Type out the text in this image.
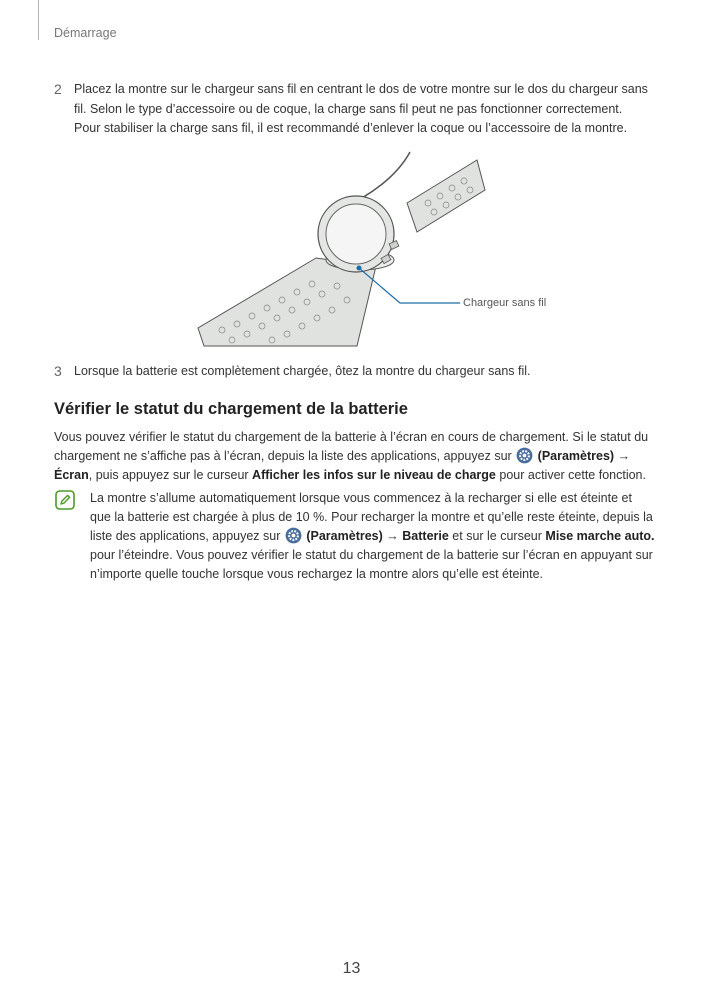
Démarrage
2 Placez la montre sur le chargeur sans fil en centrant le dos de votre montre sur le dos du chargeur sans fil. Selon le type d’accessoire ou de coque, la charge sans fil peut ne pas fonctionner correctement. Pour stabiliser la charge sans fil, il est recommandé d’enlever la coque ou l’accessoire de la montre.
Chargeur sans fil
3 Lorsque la batterie est complètement chargée, ôtez la montre du chargeur sans fil.
Vérifier le statut du chargement de la batterie
Vous pouvez vérifier le statut du chargement de la batterie à l’écran en cours de chargement. Si le statut du chargement ne s’affiche pas à l’écran, depuis la liste des applications, appuyez sur (Paramètres) → Écran, puis appuyez sur le curseur Afficher les infos sur le niveau de charge pour activer cette fonction.
La montre s’allume automatiquement lorsque vous commencez à la recharger si elle est éteinte et que la batterie est chargée à plus de 10 %. Pour recharger la montre et qu’elle reste éteinte, depuis la liste des applications, appuyez sur (Paramètres) → Batterie et sur le curseur Mise marche auto. pour l’éteindre. Vous pouvez vérifier le statut du chargement de la batterie sur l’écran en appuyant sur n’importe quelle touche lorsque vous rechargez la montre alors qu’elle est éteinte.
13
